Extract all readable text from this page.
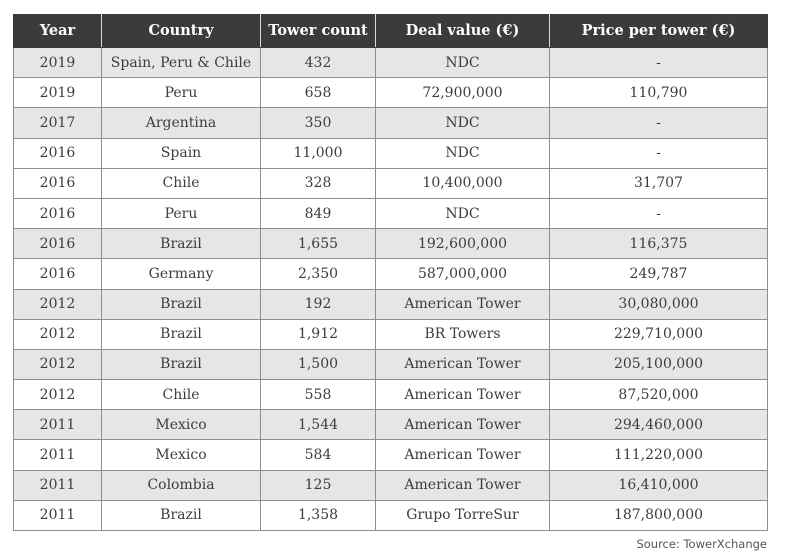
Year	Country	Tower count	Deal value (€)	Price per tower (€)
2019	Spain, Peru & Chile	432	NDC	-
2019	Peru	658	72,900,000	110,790
2017	Argentina	350	NDC	-
2016	Spain	11,000	NDC	-
2016	Chile	328	10,400,000	31,707
2016	Peru	849	NDC	-
2016	Brazil	1,655	192,600,000	116,375
2016	Germany	2,350	587,000,000	249,787
2012	Brazil	192	American Tower	30,080,000
2012	Brazil	1,912	BR Towers	229,710,000
2012	Brazil	1,500	American Tower	205,100,000
2012	Chile	558	American Tower	87,520,000
2011	Mexico	1,544	American Tower	294,460,000
2011	Mexico	584	American Tower	111,220,000
2011	Colombia	125	American Tower	16,410,000
2011	Brazil	1,358	Grupo TorreSur	187,800,000
Source: TowerXchange
